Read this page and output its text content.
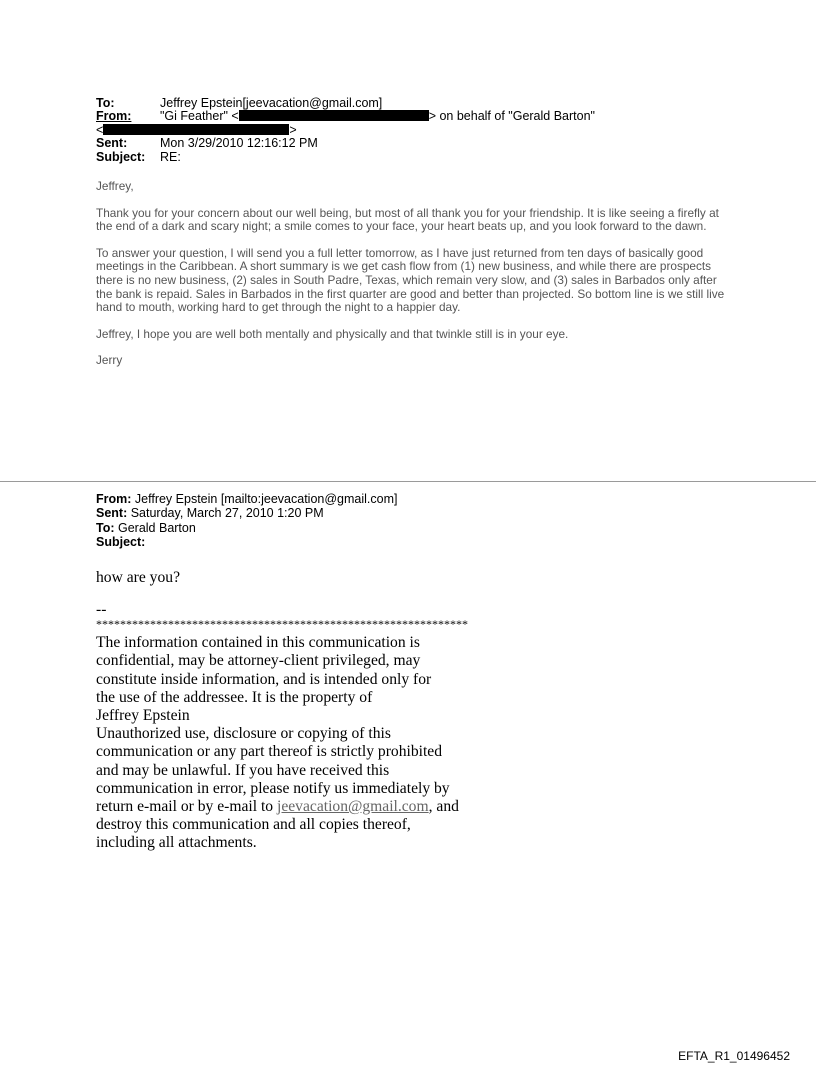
To:	Jeffrey Epstein[jeevacation@gmail.com]
From: "Gi Feather" <	> on behalf of "Gerald Barton"
<	>
Sent:	Mon 3/29/2010 12:16:12 PM
Subject: RE:

Jeffrey,

Thank you for your concern about our well being, but most of all thank you for your friendship. It is like seeing a firefly at the end of a dark and scary night; a smile comes to your face, your heart beats up, and you look forward to the dawn.

To answer your question, I will send you a full letter tomorrow, as I have just returned from ten days of basically good meetings in the Caribbean. A short summary is we get cash flow from (1) new business, and while there are prospects there is no new business, (2) sales in South Padre, Texas, which remain very slow, and (3) sales in Barbados only after the bank is repaid. Sales in Barbados in the first quarter are good and better than projected. So bottom line is we still live hand to mouth, working hard to get through the night to a happier day.

Jeffrey, I hope you are well both mentally and physically and that twinkle still is in your eye.

Jerry

From: Jeffrey Epstein [mailto:jeevacation@gmail.com]
Sent: Saturday, March 27, 2010 1:20 PM
To: Gerald Barton
Subject:

how are you?

--
**************************************************************
The information contained in this communication is
confidential, may be attorney-client privileged, may
constitute inside information, and is intended only for
the use of the addressee. It is the property of
Jeffrey Epstein
Unauthorized use, disclosure or copying of this
communication or any part thereof is strictly prohibited
and may be unlawful. If you have received this
communication in error, please notify us immediately by
return e-mail or by e-mail to jeevacation@gmail.com, and
destroy this communication and all copies thereof,
including all attachments.
EFTA_R1_01496452
